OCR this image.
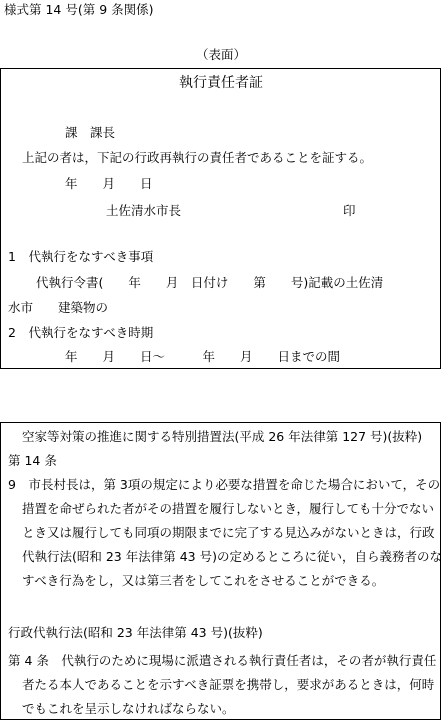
様式第 14 号(第 9 条関係)
（表面）
執行責任者証
課　課長
上記の者は，下記の行政再執行の責任者であることを証する。
年　　月　　日
土佐清水市長	印
1　代執行をなすべき事項
代執行令書(　　年　　月　日付け　　第　　号)記載の土佐清
水市　　建築物の
2　代執行をなすべき時期
年　　月　　日～　　　年　　月　　日までの間
空家等対策の推進に関する特別措置法(平成 26 年法律第 127 号)(抜粋)
第 14 条
9　市長村長は，第 3項の規定により必要な措置を命じた場合において，その
措置を命ぜられた者がその措置を履行しないとき，履行しても十分でない
とき又は履行しても同項の期限までに完了する見込みがないときは，行政
代執行法(昭和 23 年法律第 43 号)の定めるところに従い，自ら義務者のな
すべき行為をし，又は第三者をしてこれをさせることができる。
行政代執行法(昭和 23 年法律第 43 号)(抜粋)
第 4 条　代執行のために現場に派遣される執行責任者は，その者が執行責任
者たる本人であることを示すべき証票を携帯し，要求があるときは，何時
でもこれを呈示しなければならない。
